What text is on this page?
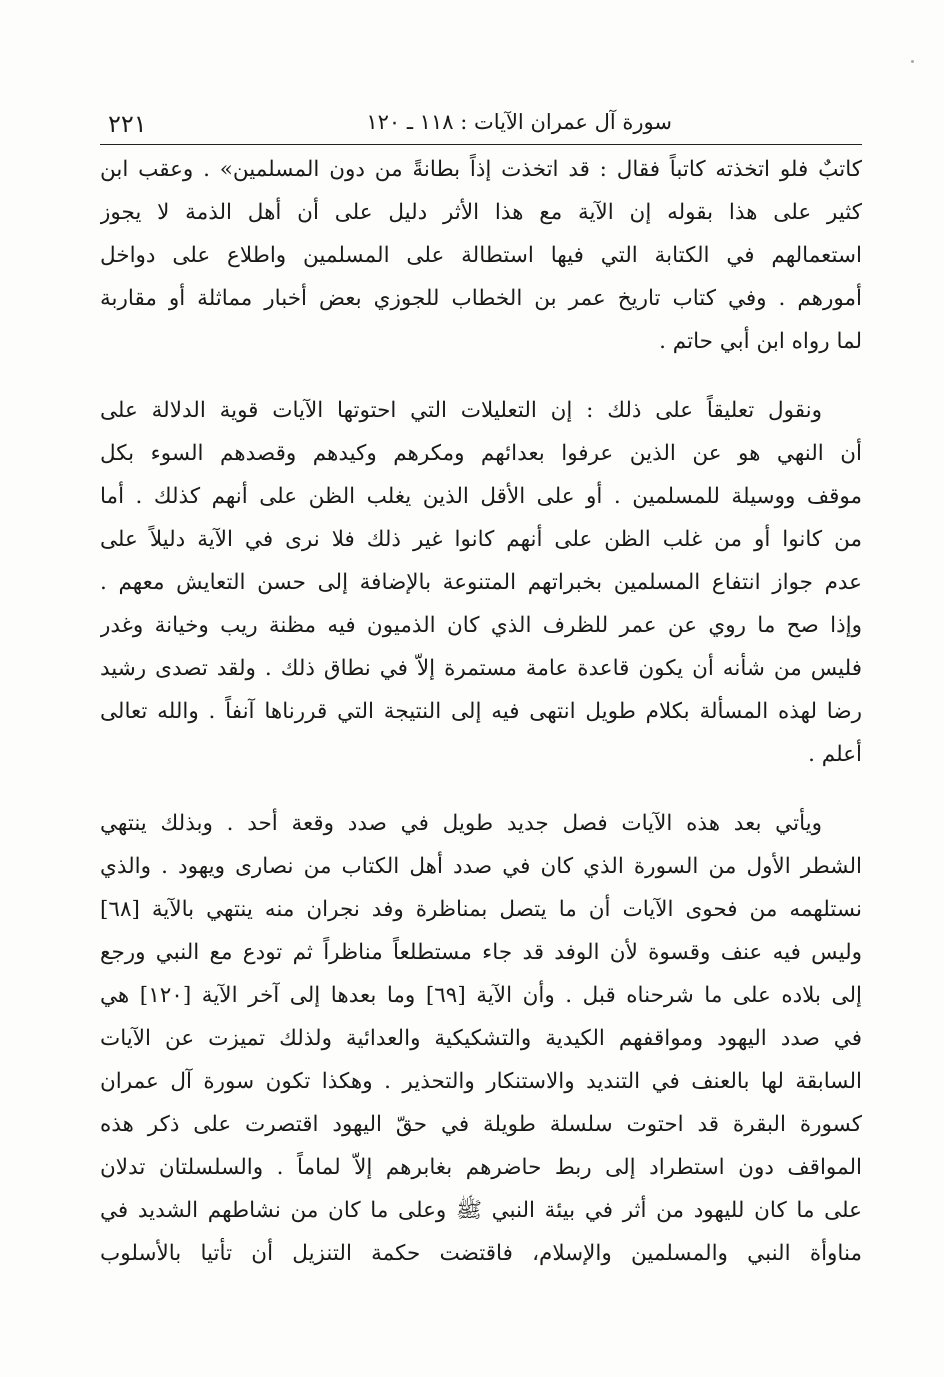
سورة آل عمران الآيات : ١١٨ ـ ١٢٠
٢٢١
كاتبٌ فلو اتخذته كاتباً فقال : قد اتخذت إذاً بطانةً من دون المسلمين» . وعقب ابن
كثير على هذا بقوله إن الآية مع هذا الأثر دليل على أن أهل الذمة لا يجوز
استعمالهم في الكتابة التي فيها استطالة على المسلمين واطلاع على دواخل
أمورهم . وفي كتاب تاريخ عمر بن الخطاب للجوزي بعض أخبار مماثلة أو مقاربة
لما رواه ابن أبي حاتم .
ونقول تعليقاً على ذلك : إن التعليلات التي احتوتها الآيات قوية الدلالة على
أن النهي هو عن الذين عرفوا بعدائهم ومكرهم وكيدهم وقصدهم السوء بكل
موقف ووسيلة للمسلمين . أو على الأقل الذين يغلب الظن على أنهم كذلك . أما
من كانوا أو من غلب الظن على أنهم كانوا غير ذلك فلا نرى في الآية دليلاً على
عدم جواز انتفاع المسلمين بخبراتهم المتنوعة بالإضافة إلى حسن التعايش معهم .
وإذا صح ما روي عن عمر للظرف الذي كان الذميون فيه مظنة ريب وخيانة وغدر
فليس من شأنه أن يكون قاعدة عامة مستمرة إلاّ في نطاق ذلك . ولقد تصدى رشيد
رضا لهذه المسألة بكلام طويل انتهى فيه إلى النتيجة التي قررناها آنفاً . والله تعالى
أعلم .
ويأتي بعد هذه الآيات فصل جديد طويل في صدد وقعة أحد . وبذلك ينتهي
الشطر الأول من السورة الذي كان في صدد أهل الكتاب من نصارى ويهود . والذي
نستلهمه من فحوى الآيات أن ما يتصل بمناظرة وفد نجران منه ينتهي بالآية [٦٨]
وليس فيه عنف وقسوة لأن الوفد قد جاء مستطلعاً مناظراً ثم تودع مع النبي ورجع
إلى بلاده على ما شرحناه قبل . وأن الآية [٦٩] وما بعدها إلى آخر الآية [١٢٠] هي
في صدد اليهود ومواقفهم الكيدية والتشكيكية والعدائية ولذلك تميزت عن الآيات
السابقة لها بالعنف في التنديد والاستنكار والتحذير . وهكذا تكون سورة آل عمران
كسورة البقرة قد احتوت سلسلة طويلة في حقّ اليهود اقتصرت على ذكر هذه
المواقف دون استطراد إلى ربط حاضرهم بغابرهم إلاّ لماماً . والسلسلتان تدلان
على ما كان لليهود من أثر في بيئة النبي ﷺ وعلى ما كان من نشاطهم الشديد في
مناوأة النبي والمسلمين والإسلام، فاقتضت حكمة التنزيل أن تأتيا بالأسلوب
